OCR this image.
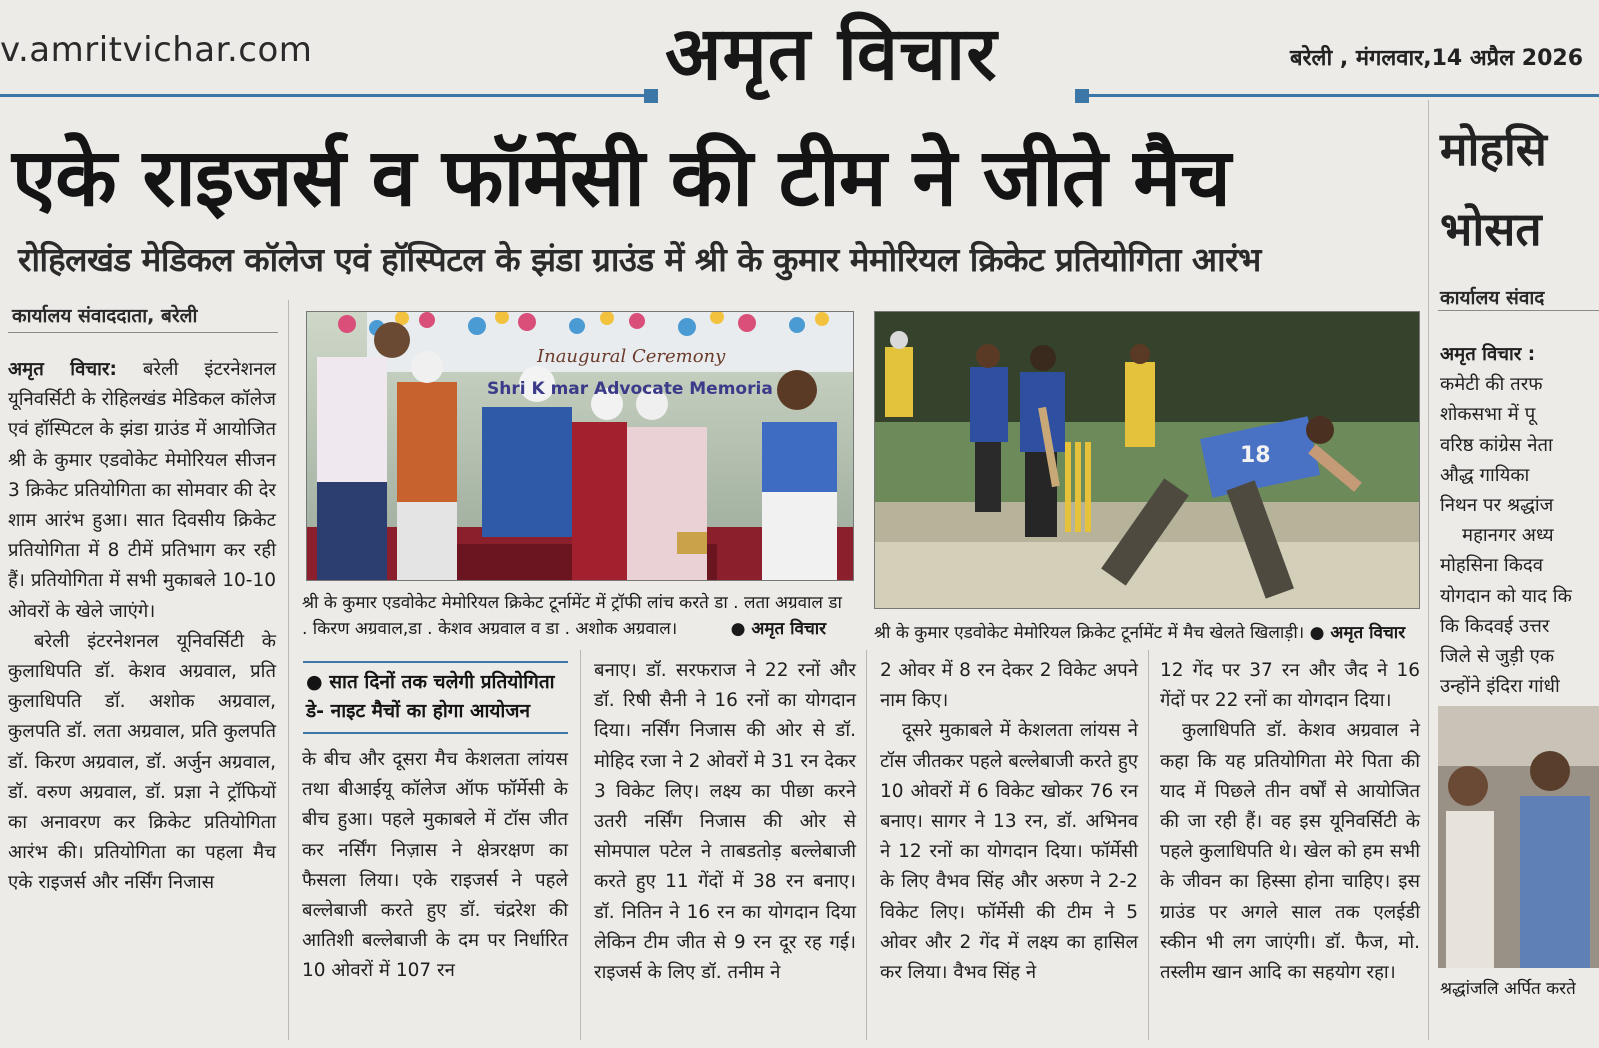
v.amritvichar.com	अमृत विचार	बरेली , मंगलवार,14 अप्रैल 2026
एके राइजर्स व फॉर्मेसी की टीम ने जीते मैच
रोहिलखंड मेडिकल कॉलेज एवं हॉस्पिटल के झंडा ग्राउंड में श्री के कुमार मेमोरियल क्रिकेट प्रतियोगिता आरंभ
कार्यालय संवाददाता, बरेली

अमृत विचार: बरेली इंटरनेशनल यूनिवर्सिटी के रोहिलखंड मेडिकल कॉलेज एवं हॉस्पिटल के झंडा ग्राउंड में आयोजित श्री के कुमार एडवोकेट मेमोरियल सीजन 3 क्रिकेट प्रतियोगिता का सोमवार की देर शाम आरंभ हुआ। सात दिवसीय क्रिकेट प्रतियोगिता में 8 टीमें प्रतिभाग कर रही हैं। प्रतियोगिता में सभी मुकाबले 10-10 ओवरों के खेले जाएंगे।

बरेली इंटरनेशनल यूनिवर्सिटी के कुलाधिपति डॉ. केशव अग्रवाल, प्रति कुलाधिपति डॉ. अशोक अग्रवाल, कुलपति डॉ. लता अग्रवाल, प्रति कुलपति डॉ. किरण अग्रवाल, डॉ. अर्जुन अग्रवाल, डॉ. वरुण अग्रवाल, डॉ. प्रज्ञा ने ट्रॉफियों का अनावरण कर क्रिकेट प्रतियोगिता आरंभ की। प्रतियोगिता का पहला मैच एके राइजर्स और नर्सिंग निजास

Inaugural Ceremony
Shri K mar Advocate Memoria
श्री के कुमार एडवोकेट मेमोरियल क्रिकेट टूर्नामेंट में ट्रॉफी लांच करते डा . लता अग्रवाल डा . किरण अग्रवाल,डा . केशव अग्रवाल व डा . अशोक अग्रवाल।	● अमृत विचार
18
श्री के कुमार एडवोकेट मेमोरियल क्रिकेट टूर्नामेंट में मैच खेलते खिलाड़ी। ● अमृत विचार
● सात दिनों तक चलेगी प्रतियोगिता
डे- नाइट मैचों का होगा आयोजन

के बीच और दूसरा मैच केशलता लांयस तथा बीआईयू कॉलेज ऑफ फॉर्मेसी के बीच हुआ। पहले मुकाबले में टॉस जीत कर नर्सिंग निज़ास ने क्षेत्ररक्षण का फैसला लिया। एके राइजर्स ने पहले बल्लेबाजी करते हुए डॉ. चंद्ररेश की आतिशी बल्लेबाजी के दम पर निर्धारित 10 ओवरों में 107 रन

बनाए। डॉ. सरफराज ने 22 रनों और डॉ. रिषी सैनी ने 16 रनों का योगदान दिया। नर्सिंग निजास की ओर से डॉ. मोहिद रजा ने 2 ओवरों मे 31 रन देकर 3 विकेट लिए। लक्ष्य का पीछा करने उतरी नर्सिंग निजास की ओर से सोमपाल पटेल ने ताबडतोड़ बल्लेबाजी करते हुए 11 गेंदों में 38 रन बनाए। डॉ. नितिन ने 16 रन का योगदान दिया लेकिन टीम जीत से 9 रन दूर रह गई। राइजर्स के लिए डॉ. तनीम ने

2 ओवर में 8 रन देकर 2 विकेट अपने नाम किए।

दूसरे मुकाबले में केशलता लांयस ने टॉस जीतकर पहले बल्लेबाजी करते हुए 10 ओवरों में 6 विकेट खोकर 76 रन बनाए। सागर ने 13 रन, डॉ. अभिनव ने 12 रनों का योगदान दिया। फॉर्मेसी के लिए वैभव सिंह और अरुण ने 2-2 विकेट लिए। फॉर्मेसी की टीम ने 5 ओवर और 2 गेंद में लक्ष्य का हासिल कर लिया। वैभव सिंह ने

12 गेंद पर 37 रन और जैद ने 16 गेंदों पर 22 रनों का योगदान दिया।

कुलाधिपति डॉ. केशव अग्रवाल ने कहा कि यह प्रतियोगिता मेरे पिता की याद में पिछले तीन वर्षों से आयोजित की जा रही हैं। वह इस यूनिवर्सिटी के पहले कुलाधिपति थे। खेल को हम सभी के जीवन का हिस्सा होना चाहिए। इस ग्राउंड पर अगले साल तक एलईडी स्कीन भी लग जाएंगी। डॉ. फैज, मो. तस्लीम खान आदि का सहयोग रहा।

मोहसि
भोसत
कार्यालय संवाद
अमृत विचार :
कमेटी की तरफ
शोकसभा में पू
वरिष्ठ कांग्रेस नेता
औद्ध गायिका
निथन पर श्रद्धांज
महानगर अध्य
मोहसिना किदव
योगदान को याद कि
कि किदवई उत्तर
जिले से जुड़ी एक
उन्होंने इंदिरा गांधी
श्रद्धांजलि अर्पित करते
